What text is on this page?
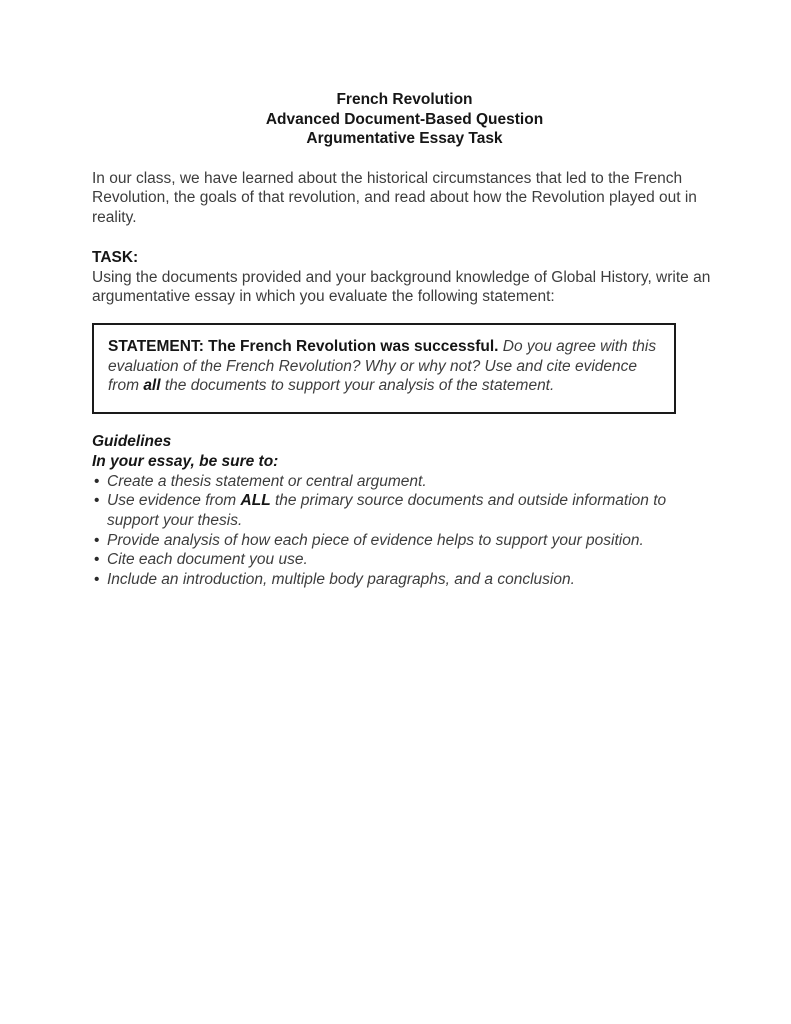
French Revolution
Advanced Document-Based Question
Argumentative Essay Task

In our class, we have learned about the historical circumstances that led to the French Revolution, the goals of that revolution, and read about how the Revolution played out in reality.

TASK:

Using the documents provided and your background knowledge of Global History, write an argumentative essay in which you evaluate the following statement:

STATEMENT: The French Revolution was successful. Do you agree with this evaluation of the French Revolution? Why or why not? Use and cite evidence from all the documents to support your analysis of the statement.

Guidelines
In your essay, be sure to:
• Create a thesis statement or central argument.
• Use evidence from ALL the primary source documents and outside information to support your thesis.
• Provide analysis of how each piece of evidence helps to support your position.
• Cite each document you use.
• Include an introduction, multiple body paragraphs, and a conclusion.
